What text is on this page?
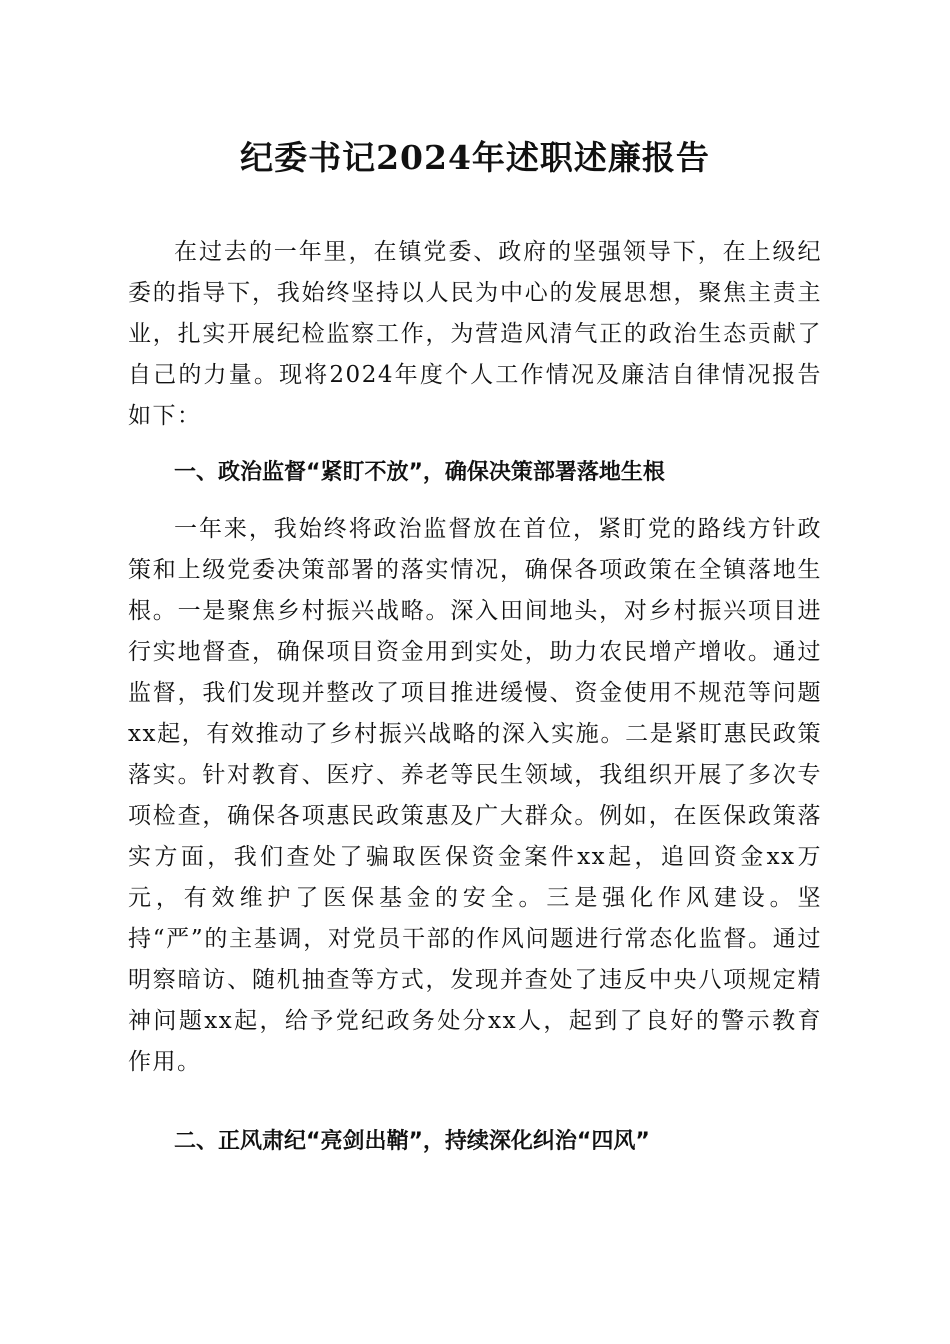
纪委书记2024年述职述廉报告

在过去的一年里，在镇党委、政府的坚强领导下，在上级纪委的指导下，我始终坚持以人民为中心的发展思想，聚焦主责主业，扎实开展纪检监察工作，为营造风清气正的政治生态贡献了自己的力量。现将2024年度个人工作情况及廉洁自律情况报告如下：

一、政治监督“紧盯不放”，确保决策部署落地生根

一年来，我始终将政治监督放在首位，紧盯党的路线方针政策和上级党委决策部署的落实情况，确保各项政策在全镇落地生根。一是聚焦乡村振兴战略。深入田间地头，对乡村振兴项目进行实地督查，确保项目资金用到实处，助力农民增产增收。通过监督，我们发现并整改了项目推进缓慢、资金使用不规范等问题xx起，有效推动了乡村振兴战略的深入实施。二是紧盯惠民政策落实。针对教育、医疗、养老等民生领域，我组织开展了多次专项检查，确保各项惠民政策惠及广大群众。例如，在医保政策落实方面，我们查处了骗取医保资金案件xx起，追回资金xx万元，有效维护了医保基金的安全。三是强化作风建设。坚持“严”的主基调，对党员干部的作风问题进行常态化监督。通过明察暗访、随机抽查等方式，发现并查处了违反中央八项规定精神问题xx起，给予党纪政务处分xx人，起到了良好的警示教育作用。

二、正风肃纪“亮剑出鞘”，持续深化纠治“四风”
